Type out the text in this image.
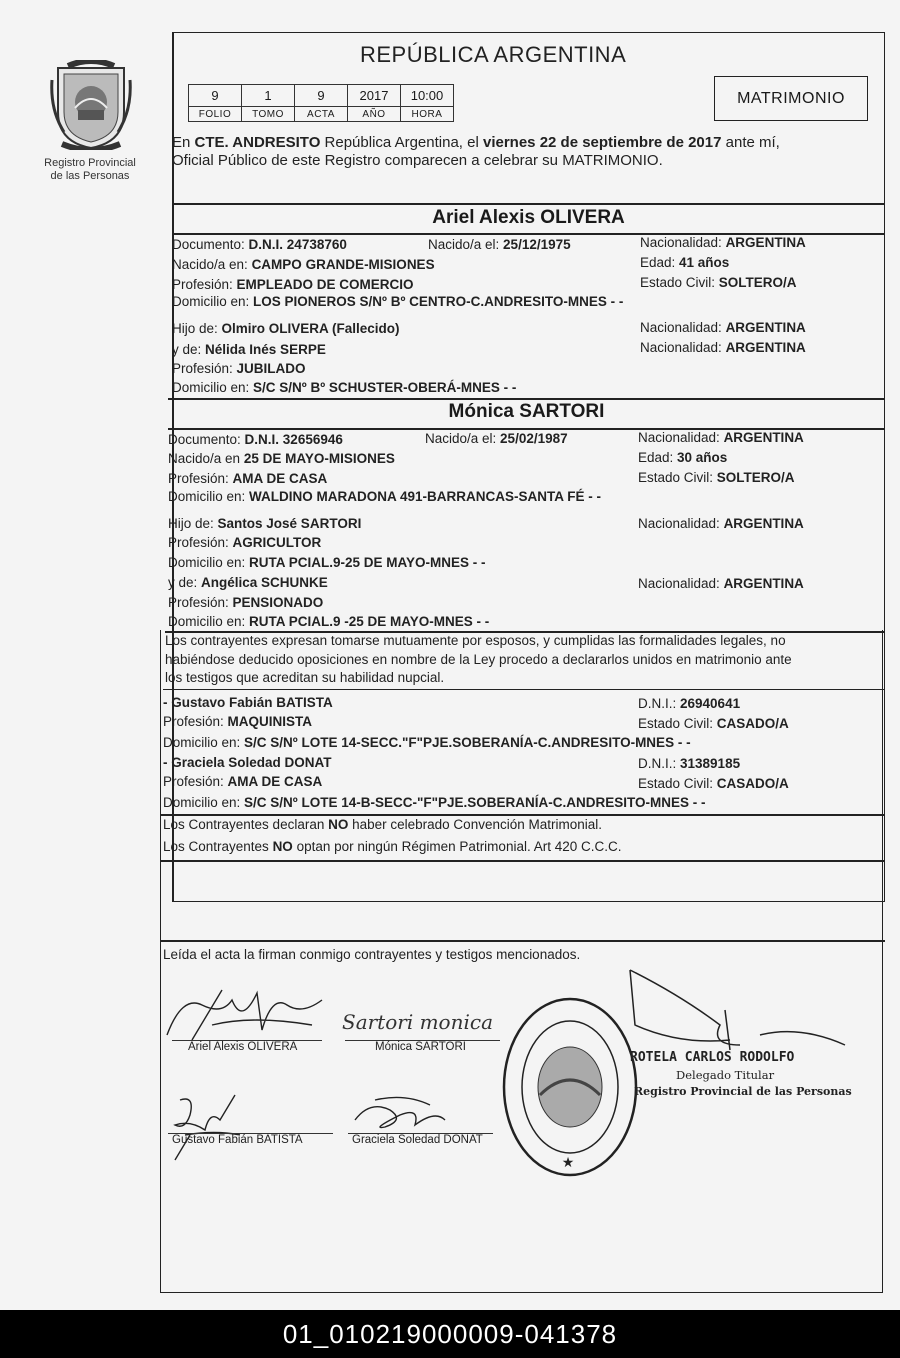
Registro Provincial
de las Personas
REPÚBLICA ARGENTINA
9	1	9	2017	10:00
FOLIO	TOMO	ACTA	AÑO	HORA
MATRIMONIO
En CTE. ANDRESITO República Argentina, el viernes 22 de septiembre de 2017 ante mí,
Oficial Público de este Registro comparecen a celebrar su MATRIMONIO.
Ariel Alexis OLIVERA
Documento: D.N.I. 24738760	Nacido/a el: 25/12/1975	Nacionalidad: ARGENTINA
Nacido/a en: CAMPO GRANDE-MISIONES	Edad: 41 años
Profesión: EMPLEADO DE COMERCIO	Estado Civil: SOLTERO/A
Domicilio en: LOS PIONEROS S/Nº Bº CENTRO-C.ANDRESITO-MNES - -
Hijo de: Olmiro OLIVERA (Fallecido)	Nacionalidad: ARGENTINA
y de: Nélida Inés SERPE	Nacionalidad: ARGENTINA
Profesión: JUBILADO
Domicilio en: S/C S/Nº Bº SCHUSTER-OBERÁ-MNES - -
Mónica SARTORI
Documento: D.N.I. 32656946	Nacido/a el: 25/02/1987	Nacionalidad: ARGENTINA
Nacido/a en 25 DE MAYO-MISIONES	Edad: 30 años
Profesión: AMA DE CASA	Estado Civil: SOLTERO/A
Domicilio en: WALDINO MARADONA 491-BARRANCAS-SANTA FÉ - -
Hijo de: Santos José SARTORI	Nacionalidad: ARGENTINA
Profesión: AGRICULTOR
Domicilio en: RUTA PCIAL.9-25 DE MAYO-MNES - -
y de: Angélica SCHUNKE	Nacionalidad: ARGENTINA
Profesión: PENSIONADO
Domicilio en: RUTA PCIAL.9 -25 DE MAYO-MNES - -
Los contrayentes expresan tomarse mutuamente por esposos, y cumplidas las formalidades legales, no
habiéndose deducido oposiciones en nombre de la Ley procedo a declararlos unidos en matrimonio ante
los testigos que acreditan su habilidad nupcial.
- Gustavo Fabián BATISTA	D.N.I.: 26940641
Profesión: MAQUINISTA	Estado Civil: CASADO/A
Domicilio en: S/C S/Nº LOTE 14-SECC."F"PJE.SOBERANÍA-C.ANDRESITO-MNES - -
- Graciela Soledad DONAT	D.N.I.: 31389185
Profesión: AMA DE CASA	Estado Civil: CASADO/A
Domicilio en: S/C S/Nº LOTE 14-B-SECC-"F"PJE.SOBERANÍA-C.ANDRESITO-MNES - -
Los Contrayentes declaran NO haber celebrado Convención Matrimonial.
Los Contrayentes NO optan por ningún Régimen Patrimonial. Art 420 C.C.C.
Leída el acta la firman conmigo contrayentes y testigos mencionados.
Ariel Alexis OLIVERA
Sartori monica
Mónica SARTORI
Gustavo Fabián BATISTA	Graciela Soledad DONAT
★
ROTELA CARLOS RODOLFO
Delegado Titular
Registro Provincial de las Personas
01_010219000009-041378
